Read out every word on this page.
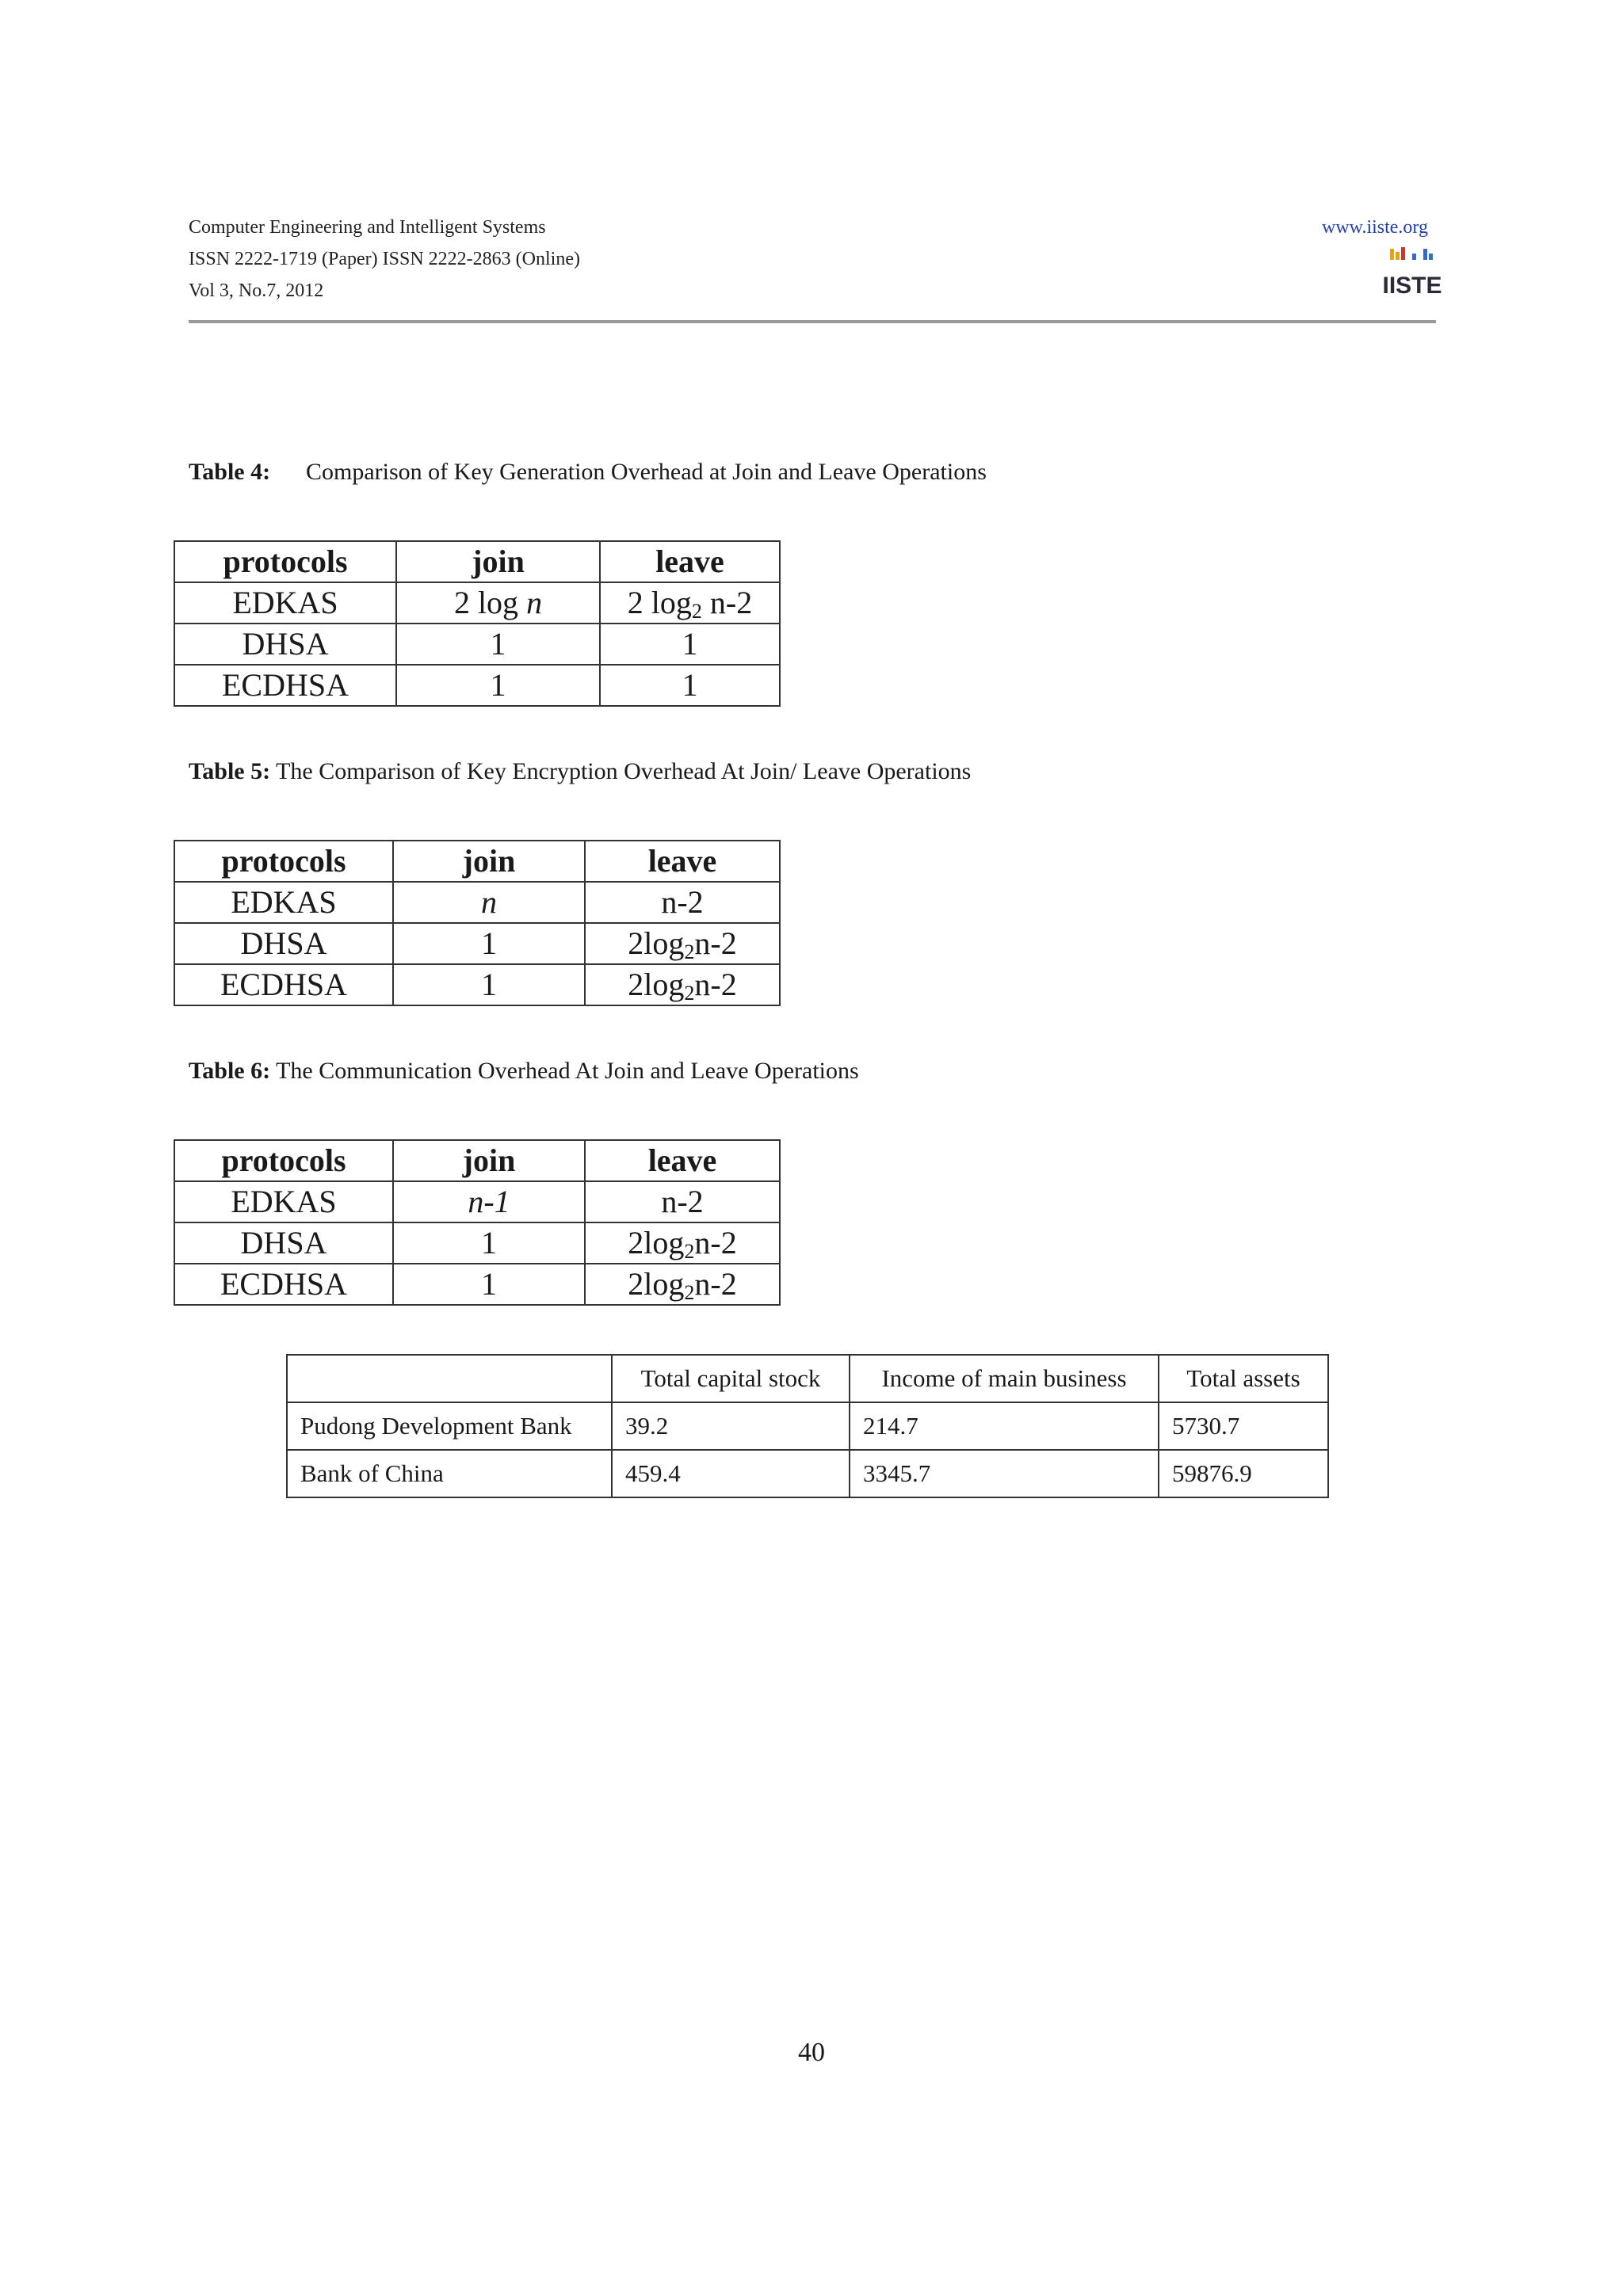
Computer Engineering and Intelligent Systems
ISSN 2222-1719 (Paper) ISSN 2222-2863 (Online)
Vol 3, No.7, 2012
www.iiste.org
IISTE
Table 4: Comparison of Key Generation Overhead at Join and Leave Operations
protocols	join	leave
EDKAS	2 log n	2 $\log_2 n-2$
DHSA	1	1
ECDHSA	1	1
Table 5: The Comparison of Key Encryption Overhead At Join/ Leave Operations
protocols	join	leave
EDKAS	n	n-2
DHSA	1	$2\log_2n-2$
ECDHSA	1	$2\log_2n-2$
Table 6: The Communication Overhead At Join and Leave Operations
protocols	join	leave
EDKAS	n-1	n-2
DHSA	1	$2\log_2n-2$
ECDHSA	1	$2\log_2n-2$
	Total capital stock	Income of main business	Total assets
Pudong Development Bank	39.2	214.7	5730.7
Bank of China	459.4	3345.7	59876.9
40
